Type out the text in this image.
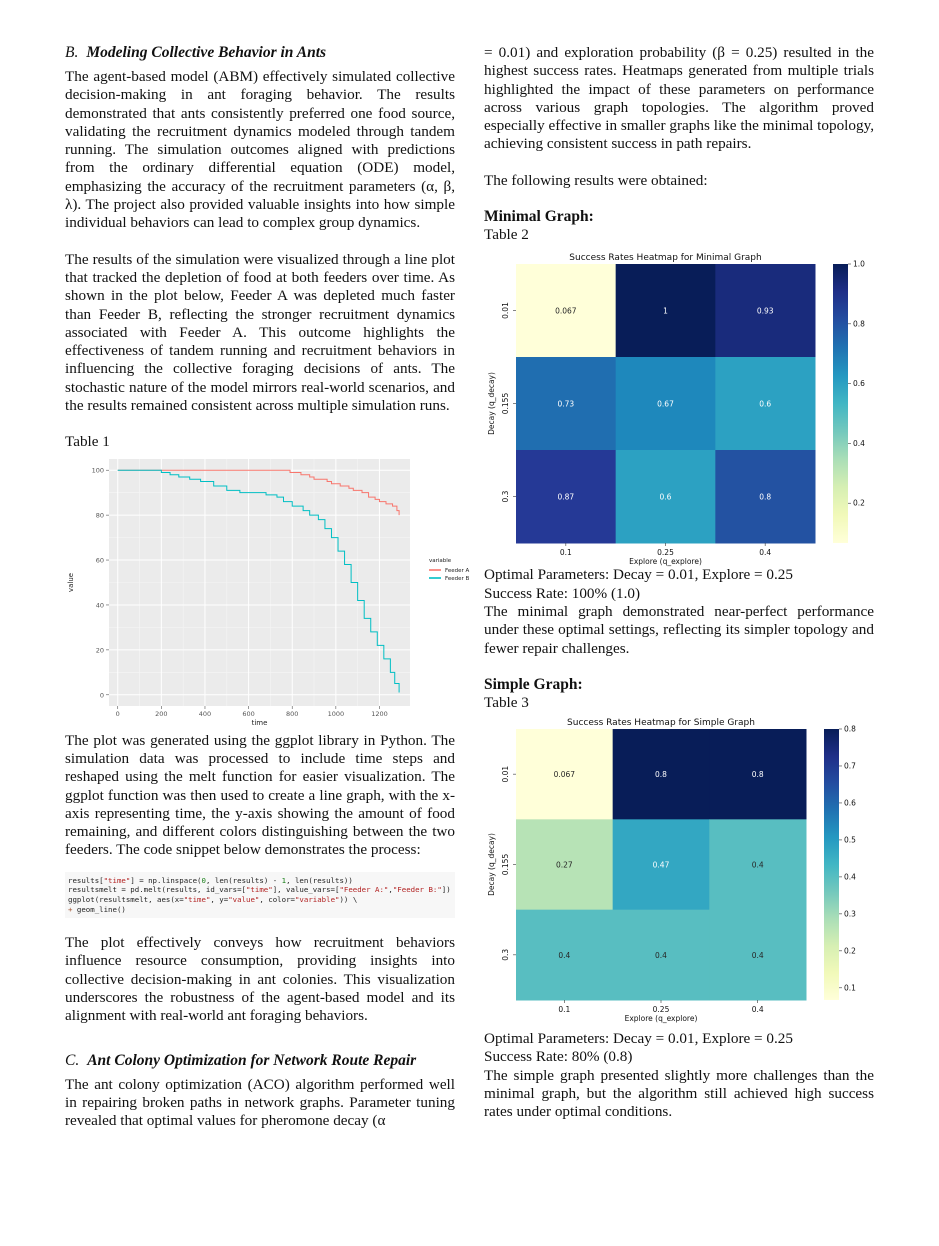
B. Modeling Collective Behavior in Ants

The agent-based model (ABM) effectively simulated collective decision-making in ant foraging behavior. The results demonstrated that ants consistently preferred one food source, validating the recruitment dynamics modeled through tandem running. The simulation outcomes aligned with predictions from the ordinary differential equation (ODE) model, emphasizing the accuracy of the recruitment parameters (α, β, λ). The project also provided valuable insights into how simple individual behaviors can lead to complex group dynamics.

The results of the simulation were visualized through a line plot that tracked the depletion of food at both feeders over time. As shown in the plot below, Feeder A was depleted much faster than Feeder B, reflecting the stronger recruitment dynamics associated with Feeder A. This outcome highlights the effectiveness of tandem running and recruitment behaviors in influencing the collective foraging decisions of ants. The stochastic nature of the model mirrors real-world scenarios, and the results remained consistent across multiple simulation runs.

Table 1

0
20
40
60
80
100
0	200	400	600	800	1000	1200
time
value
variable
Feeder A
Feeder B

The plot was generated using the ggplot library in Python. The simulation data was processed to include time steps and reshaped using the melt function for easier visualization. The ggplot function was then used to create a line graph, with the x-axis representing time, the y-axis showing the amount of food remaining, and different colors distinguishing between the two feeders. The code snippet below demonstrates the process:

results["time"] = np.linspace(0, len(results) - 1, len(results))
resultsmelt = pd.melt(results, id_vars=["time"], value_vars=["Feeder A:","Feeder B:"])
ggplot(resultsmelt, aes(x="time", y="value", color="variable")) \
+ geom_line()

The plot effectively conveys how recruitment behaviors influence resource consumption, providing insights into collective decision-making in ant colonies. This visualization underscores the robustness of the agent-based model and its alignment with real-world ant foraging behaviors.

C. Ant Colony Optimization for Network Route Repair

The ant colony optimization (ACO) algorithm performed well in repairing broken paths in network graphs. Parameter tuning revealed that optimal values for pheromone decay (α

= 0.01) and exploration probability (β = 0.25) resulted in the highest success rates. Heatmaps generated from multiple trials highlighted the impact of these parameters on performance across various graph topologies. The algorithm proved especially effective in smaller graphs like the minimal topology, achieving consistent success in path repairs.

The following results were obtained:

Minimal Graph:

Table 2

Success Rates Heatmap for Minimal Graph
0.067	1	0.93
0.73	0.67	0.6
0.87	0.6	0.8
0.1	0.25	0.4
0.01
0.155
0.3
Explore (q_explore)
Decay (q_decay)
0.2
0.4
0.6
0.8
1.0

Optimal Parameters: Decay = 0.01, Explore = 0.25

Success Rate: 100% (1.0)

The minimal graph demonstrated near-perfect performance under these optimal settings, reflecting its simpler topology and fewer repair challenges.

Simple Graph:

Table 3

Success Rates Heatmap for Simple Graph
0.067	0.8	0.8
0.27	0.47	0.4
0.4	0.4	0.4
0.1	0.25	0.4
0.01
0.155
0.3
Explore (q_explore)
Decay (q_decay)
0.1
0.2
0.3
0.4
0.5
0.6
0.7
0.8

Optimal Parameters: Decay = 0.01, Explore = 0.25

Success Rate: 80% (0.8)

The simple graph presented slightly more challenges than the minimal graph, but the algorithm still achieved high success rates under optimal conditions.
